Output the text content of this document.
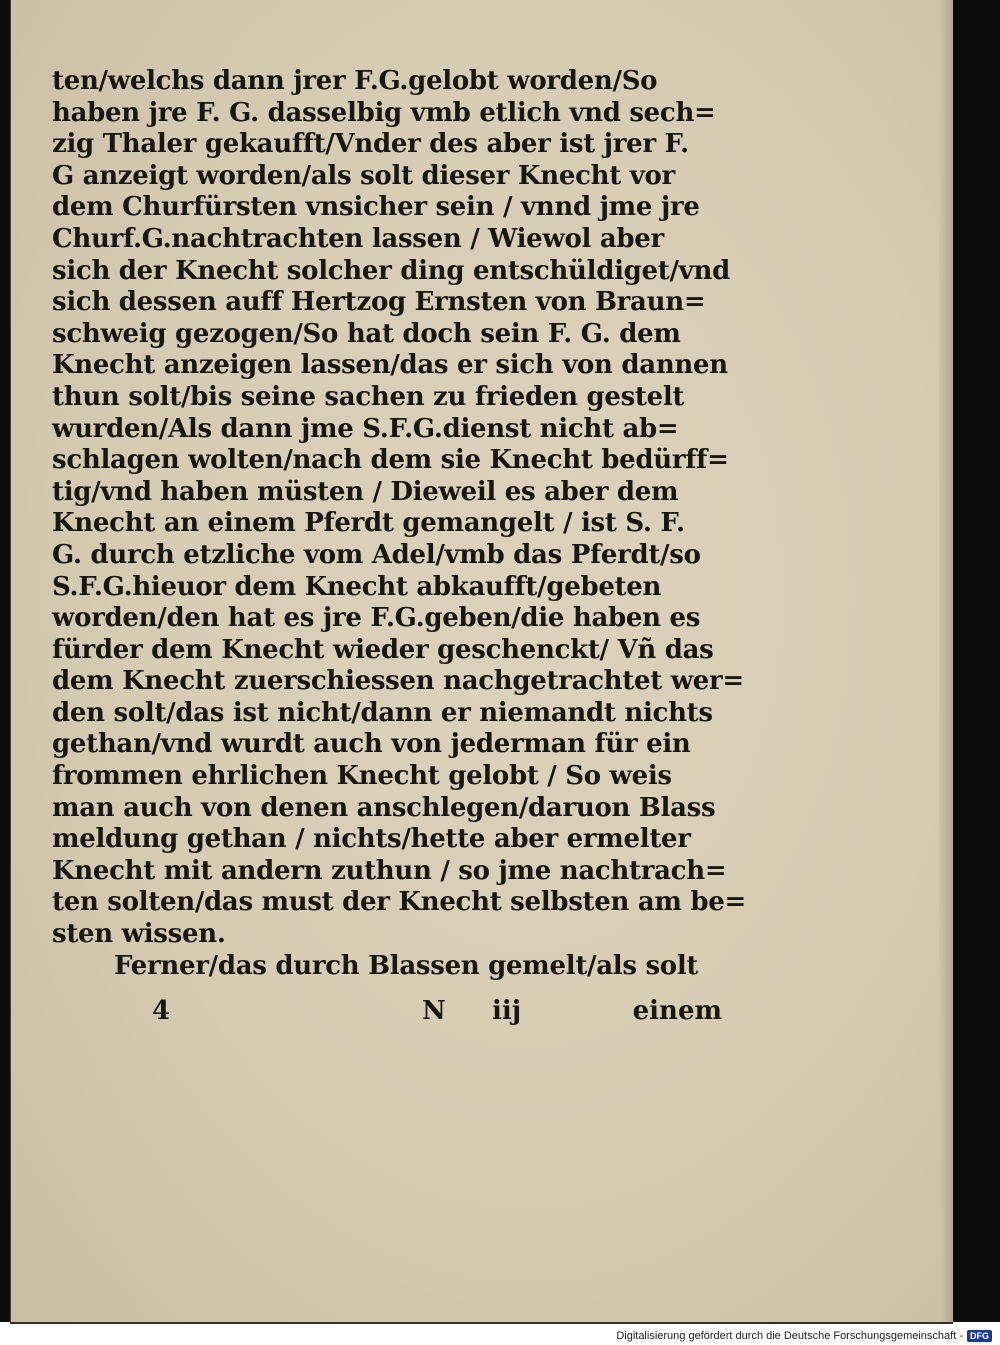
ten/welchs dann jrer F.G.gelobt worden/So
haben jre F. G. dasselbig vmb etlich vnd sech=
zig Thaler gekaufft/Vnder des aber ist jrer F.
G anzeigt worden/als solt dieser Knecht vor
dem Churfürsten vnsicher sein / vnnd jme jre
Churf.G.nachtrachten lassen / Wiewol aber
sich der Knecht solcher ding entschüldiget/vnd
sich dessen auff Hertzog Ernsten von Braun=
schweig gezogen/So hat doch sein F. G. dem
Knecht anzeigen lassen/das er sich von dannen
thun solt/bis seine sachen zu frieden gestelt
wurden/Als dann jme S.F.G.dienst nicht ab=
schlagen wolten/nach dem sie Knecht bedürff=
tig/vnd haben müsten / Dieweil es aber dem
Knecht an einem Pferdt gemangelt / ist S. F.
G. durch etzliche vom Adel/vmb das Pferdt/so
S.F.G.hieuor dem Knecht abkaufft/gebeten
worden/den hat es jre F.G.geben/die haben es
fürder dem Knecht wieder geschenckt/ Vñ das
dem Knecht zuerschiessen nachgetrachtet wer=
den solt/das ist nicht/dann er niemandt nichts
gethan/vnd wurdt auch von jederman für ein
frommen ehrlichen Knecht gelobt / So weis
man auch von denen anschlegen/daruon Blass
meldung gethan / nichts/hette aber ermelter
Knecht mit andern zuthun / so jme nachtrach=
ten solten/das must der Knecht selbsten am be=
sten wissen.
Ferner/das durch Blassen gemelt/als solt
4	N iij	einem
Digitalisierung gefördert durch die Deutsche Forschungsgemeinschaft - DFG
